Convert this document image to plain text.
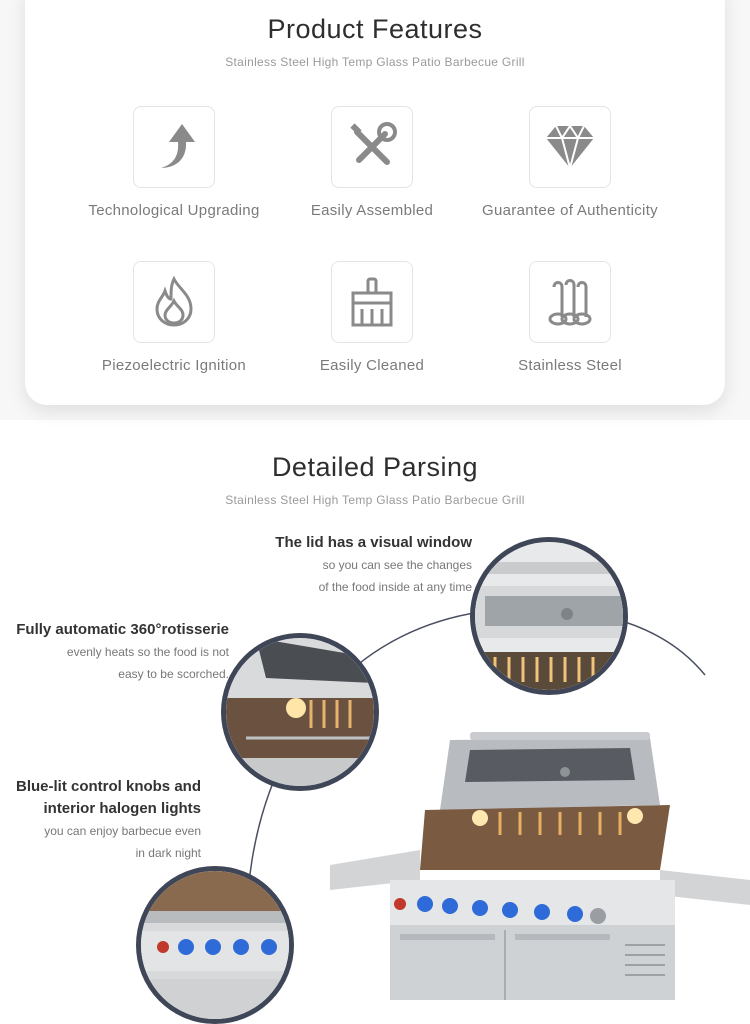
Product Features
Stainless Steel High Temp Glass Patio Barbecue Grill
Technological Upgrading	Easily Assembled	Guarantee of Authenticity
Piezoelectric Ignition	Easily Cleaned	Stainless Steel
Detailed Parsing
Stainless Steel High Temp Glass Patio Barbecue Grill
The lid has a visual window
so you can see the changes
of the food inside at any time
Fully automatic 360°rotisserie
evenly heats so the food is not
easy to be scorched.
Blue-lit control knobs and
interior halogen lights
you can enjoy barbecue even
in dark night
